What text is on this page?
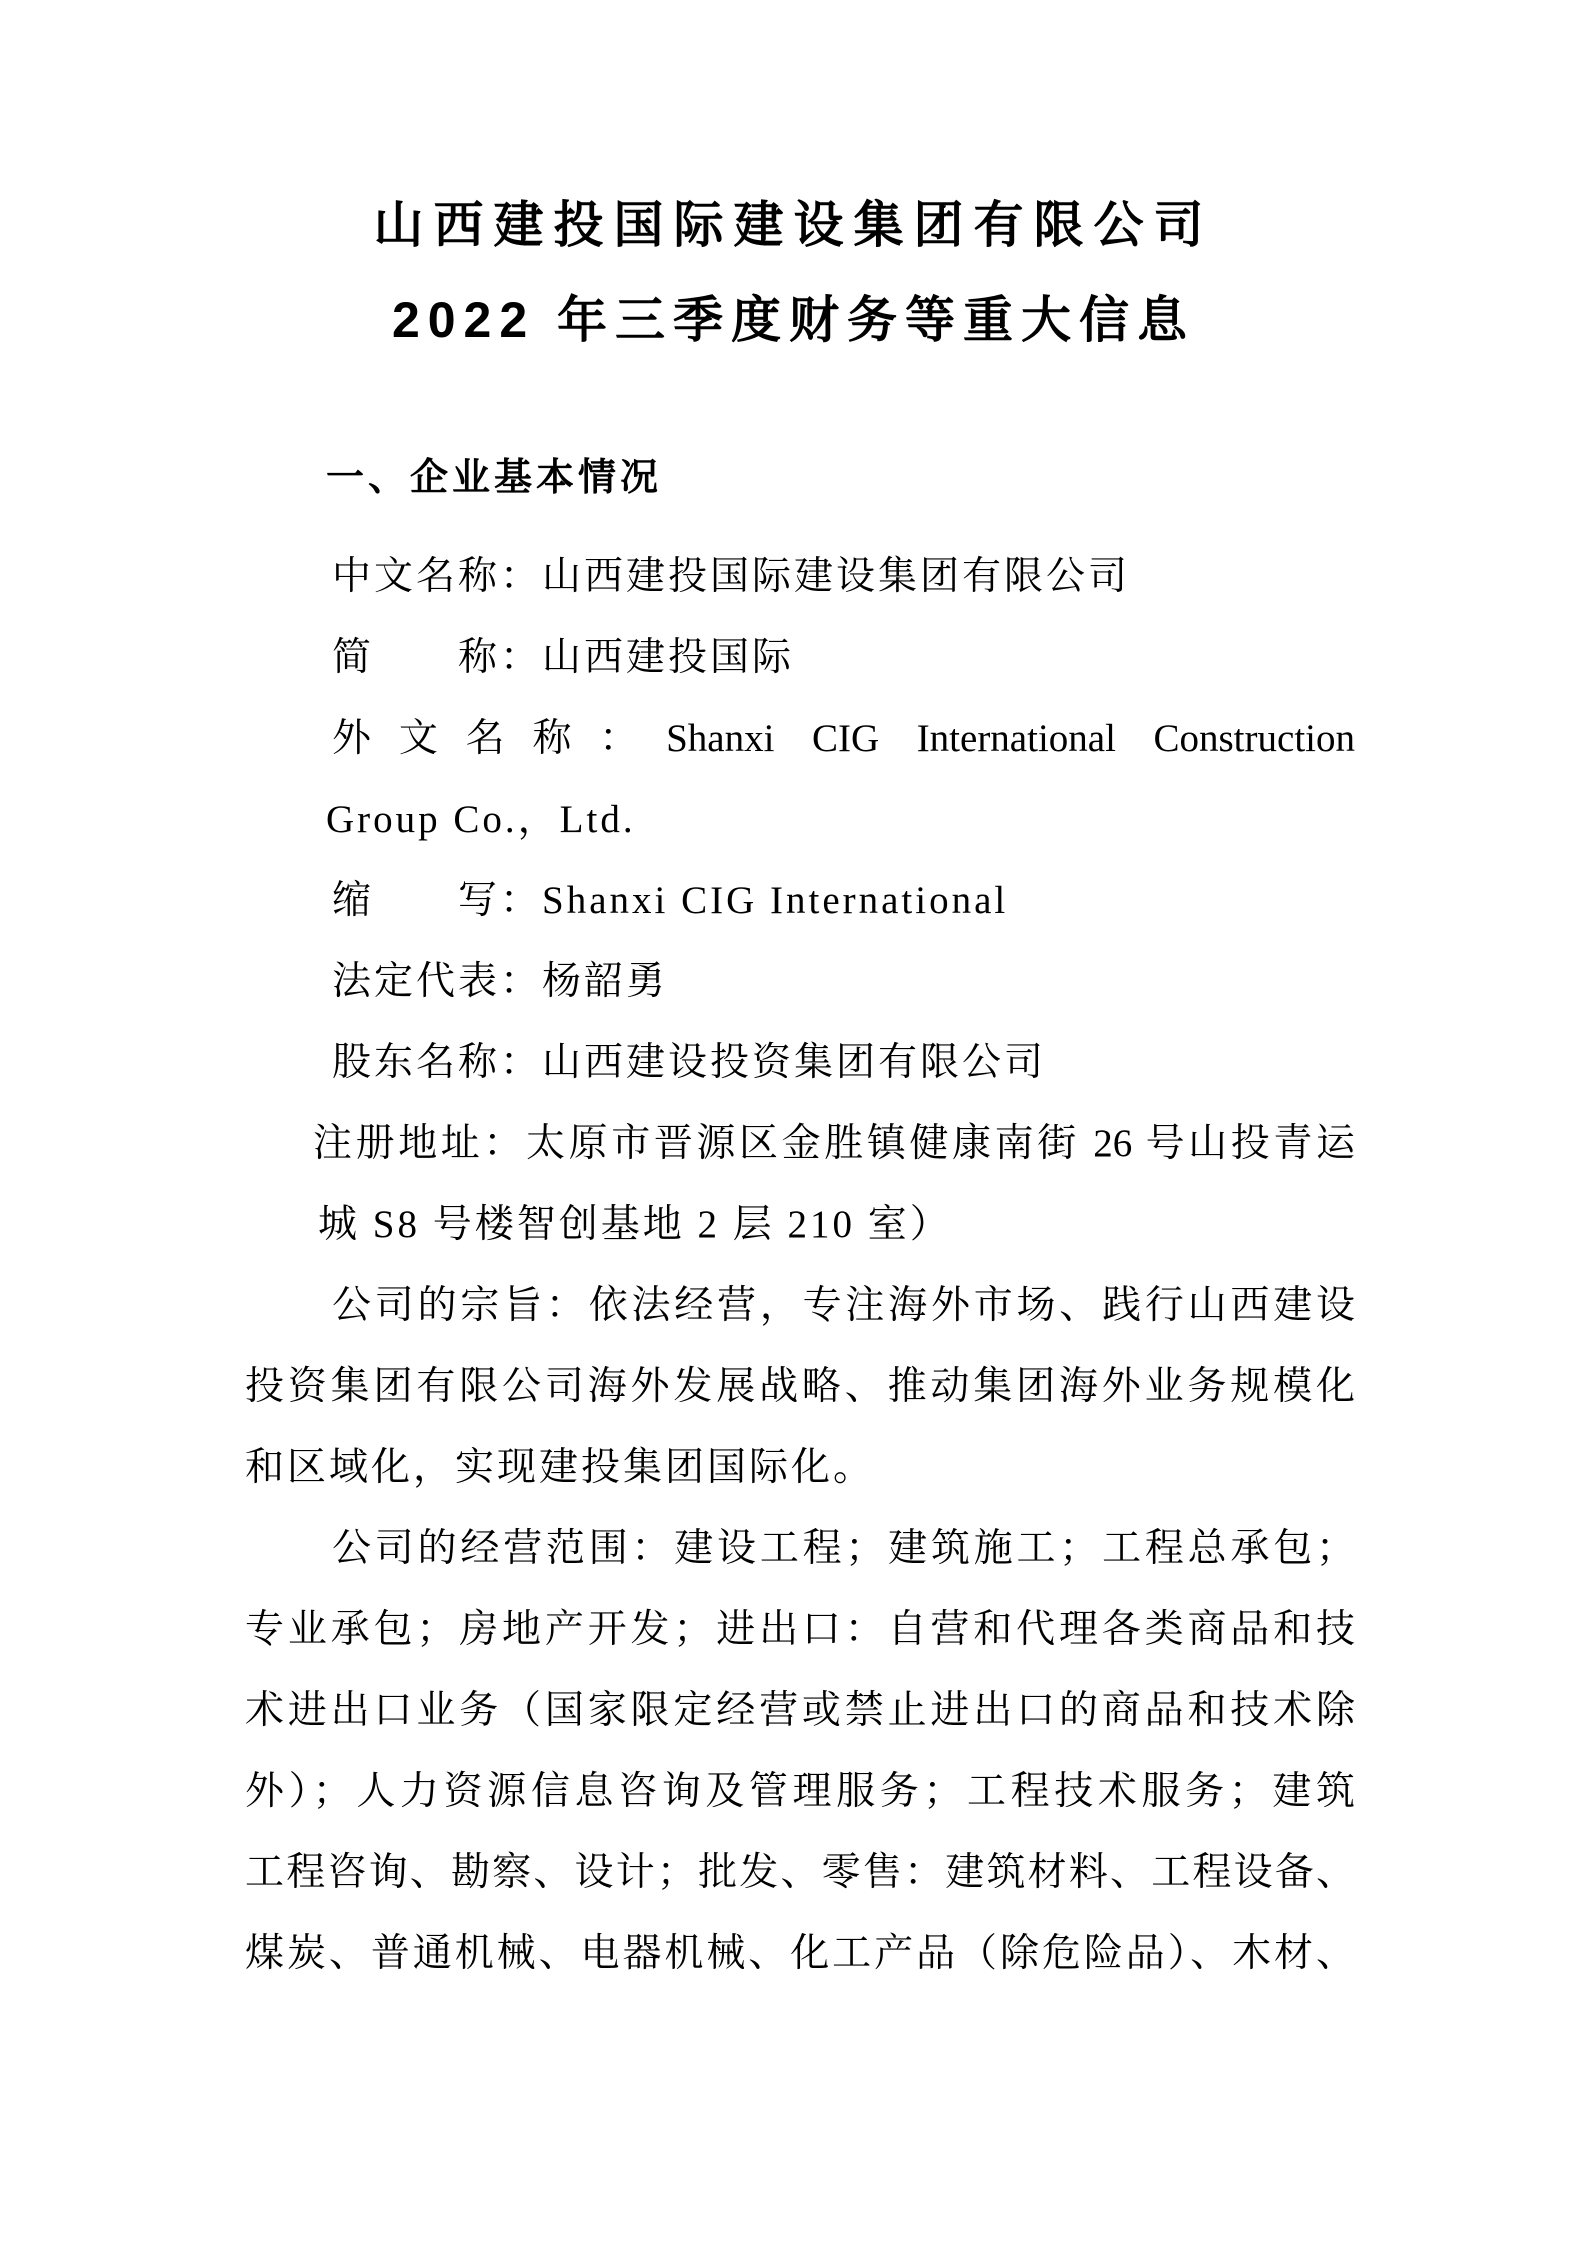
山西建投国际建设集团有限公司
2022 年三季度财务等重大信息
一、企业基本情况
中文名称：山西建投国际建设集团有限公司
简　　称：山西建投国际
外文名称：Shanxi CIG International Construction
Group Co.，Ltd.
缩　　写：Shanxi CIG International
法定代表：杨韶勇
股东名称：山西建设投资集团有限公司
注册地址：太原市晋源区金胜镇健康南街 26 号山投青运
城 S8 号楼智创基地 2 层 210 室）
公司的宗旨：依法经营，专注海外市场、践行山西建设
投资集团有限公司海外发展战略、推动集团海外业务规模化
和区域化，实现建投集团国际化。
公司的经营范围：建设工程；建筑施工；工程总承包；
专业承包；房地产开发；进出口：自营和代理各类商品和技
术进出口业务（国家限定经营或禁止进出口的商品和技术除
外）；人力资源信息咨询及管理服务；工程技术服务；建筑
工程咨询、勘察、设计；批发、零售：建筑材料、工程设备、
煤炭、普通机械、电器机械、化工产品（除危险品）、木材、
